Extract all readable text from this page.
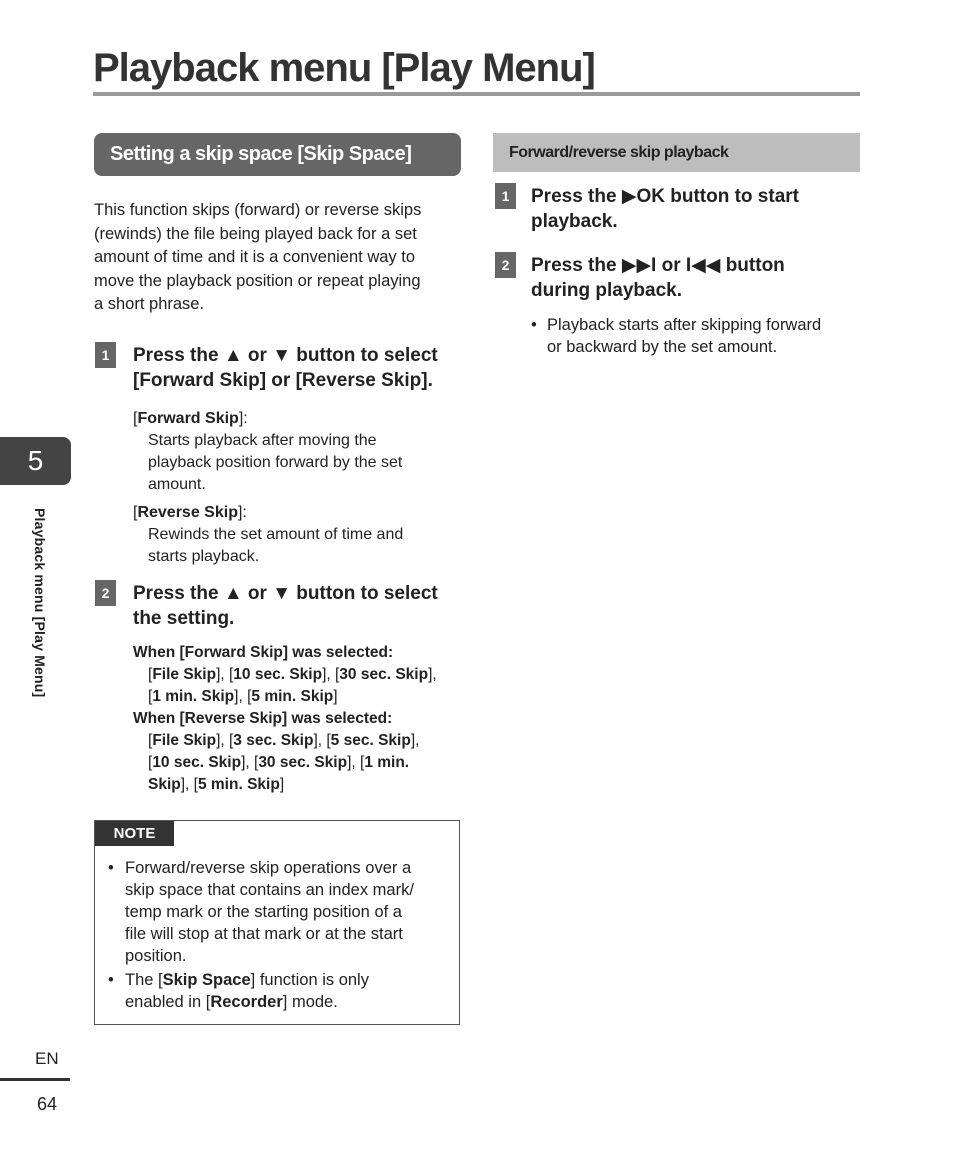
Playback menu [Play Menu]
Setting a skip space [Skip Space]
This function skips (forward) or reverse skips
(rewinds) the file being played back for a set
amount of time and it is a convenient way to
move the playback position or repeat playing
a short phrase.
1	Press the ▲ or ▼ button to select
[Forward Skip] or [Reverse Skip].
[Forward Skip]:
Starts playback after moving the
playback position forward by the set
amount.
[Reverse Skip]:
Rewinds the set amount of time and
starts playback.
2	Press the ▲ or ▼ button to select
the setting.
When [Forward Skip] was selected:
[File Skip], [10 sec. Skip], [30 sec. Skip],
[1 min. Skip], [5 min. Skip]
When [Reverse Skip] was selected:
[File Skip], [3 sec. Skip], [5 sec. Skip],
[10 sec. Skip], [30 sec. Skip], [1 min.
Skip], [5 min. Skip]
NOTE
• Forward/reverse skip operations over a
skip space that contains an index mark/
temp mark or the starting position of a
file will stop at that mark or at the start
position.
• The [Skip Space] function is only
enabled in [Recorder] mode.
Forward/reverse skip playback
1	Press the ▶OK button to start
playback.
2	Press the ▶▶I or I◀◀ button
during playback.
• Playback starts after skipping forward
or backward by the set amount.
5
Playback menu [Play Menu]
EN
64
